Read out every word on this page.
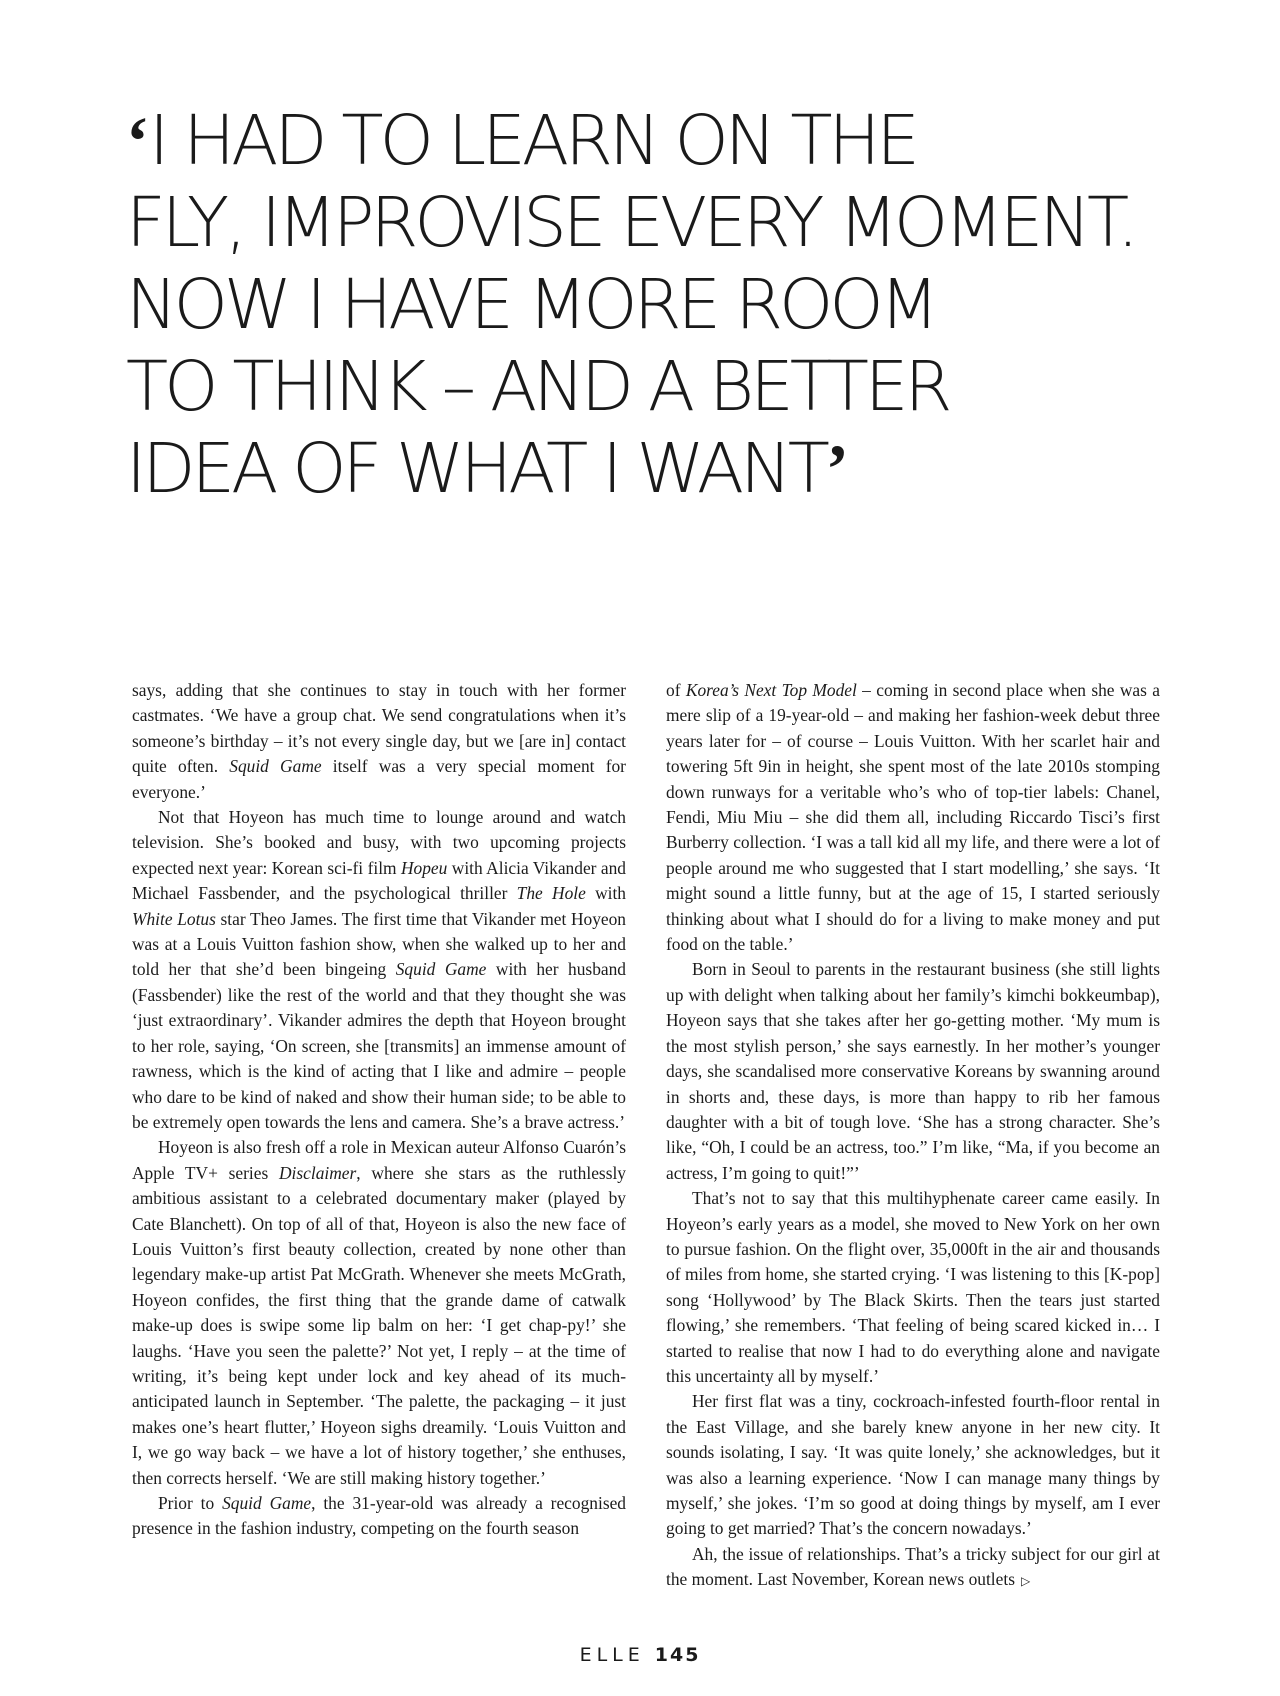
‘I HAD TO LEARN ON THE
FLY, IMPROVISE EVERY MOMENT.
NOW I HAVE MORE ROOM
TO THINK – AND A BETTER
IDEA OF WHAT I WANT’

says, adding that she continues to stay in touch with her former castmates. ‘We have a group chat. We send congratulations when it’s someone’s birthday – it’s not every single day, but we [are in] contact quite often. Squid Game itself was a very special moment for everyone.’

Not that Hoyeon has much time to lounge around and watch television. She’s booked and busy, with two upcoming projects expected next year: Korean sci-fi film Hopeu with Alicia Vikander and Michael Fassbender, and the psychological thriller The Hole with White Lotus star Theo James. The first time that Vikander met Hoyeon was at a Louis Vuitton fashion show, when she walked up to her and told her that she’d been bingeing Squid Game with her husband (Fassbender) like the rest of the world and that they thought she was ‘just extraordinary’. Vikander admires the depth that Hoyeon brought to her role, saying, ‘On screen, she [transmits] an immense amount of rawness, which is the kind of acting that I like and admire – people who dare to be kind of naked and show their human side; to be able to be extremely open towards the lens and camera. She’s a brave actress.’

Hoyeon is also fresh off a role in Mexican auteur Alfonso Cuarón’s Apple TV+ series Disclaimer, where she stars as the ruthlessly ambitious assistant to a celebrated documentary maker (played by Cate Blanchett). On top of all of that, Hoyeon is also the new face of Louis Vuitton’s first beauty collection, created by none other than legendary make-up artist Pat McGrath. Whenever she meets McGrath, Hoyeon confides, the first thing that the grande dame of catwalk make-up does is swipe some lip balm on her: ‘I get chap-py!’ she laughs. ‘Have you seen the palette?’ Not yet, I reply – at the time of writing, it’s being kept under lock and key ahead of its much-anticipated launch in September. ‘The palette, the packaging – it just makes one’s heart flutter,’ Hoyeon sighs dreamily. ‘Louis Vuitton and I, we go way back – we have a lot of history together,’ she enthuses, then corrects herself. ‘We are still making history together.’

Prior to Squid Game, the 31-year-old was already a recognised presence in the fashion industry, competing on the fourth season

of Korea’s Next Top Model – coming in second place when she was a mere slip of a 19-year-old – and making her fashion-week debut three years later for – of course – Louis Vuitton. With her scarlet hair and towering 5ft 9in in height, she spent most of the late 2010s stomping down runways for a veritable who’s who of top-tier labels: Chanel, Fendi, Miu Miu – she did them all, including Riccardo Tisci’s first Burberry collection. ‘I was a tall kid all my life, and there were a lot of people around me who suggested that I start modelling,’ she says. ‘It might sound a little funny, but at the age of 15, I started seriously thinking about what I should do for a living to make money and put food on the table.’

Born in Seoul to parents in the restaurant business (she still lights up with delight when talking about her family’s kimchi bokkeumbap), Hoyeon says that she takes after her go-getting mother. ‘My mum is the most stylish person,’ she says earnestly. In her mother’s younger days, she scandalised more conservative Koreans by swanning around in shorts and, these days, is more than happy to rib her famous daughter with a bit of tough love. ‘She has a strong character. She’s like, “Oh, I could be an actress, too.” I’m like, “Ma, if you become an actress, I’m going to quit!”’

That’s not to say that this multihyphenate career came easily. In Hoyeon’s early years as a model, she moved to New York on her own to pursue fashion. On the flight over, 35,000ft in the air and thousands of miles from home, she started crying. ‘I was listening to this [K-pop] song ‘Hollywood’ by The Black Skirts. Then the tears just started flowing,’ she remembers. ‘That feeling of being scared kicked in… I started to realise that now I had to do everything alone and navigate this uncertainty all by myself.’

Her first flat was a tiny, cockroach-infested fourth-floor rental in the East Village, and she barely knew anyone in her new city. It sounds isolating, I say. ‘It was quite lonely,’ she acknowledges, but it was also a learning experience. ‘Now I can manage many things by myself,’ she jokes. ‘I’m so good at doing things by myself, am I ever going to get married? That’s the concern nowadays.’

Ah, the issue of relationships. That’s a tricky subject for our girl at the moment. Last November, Korean news outlets ▷

ELLE 145
